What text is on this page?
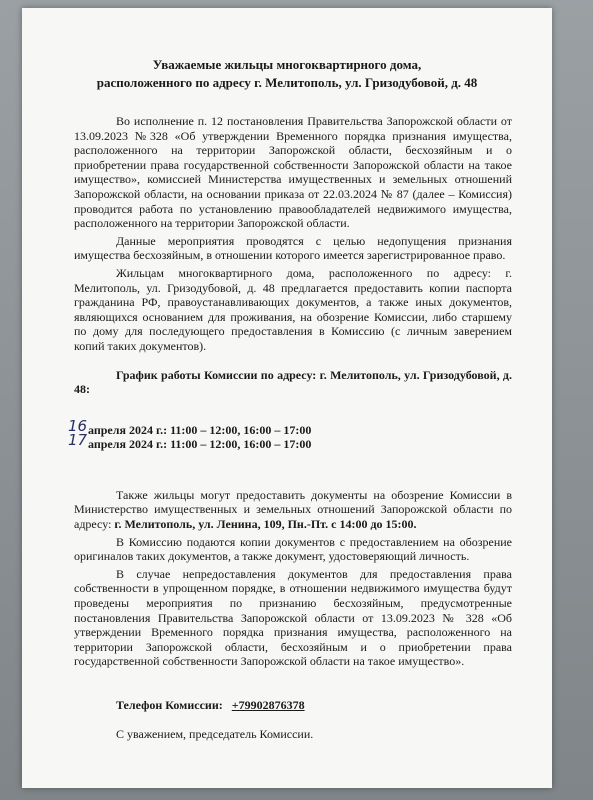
Уважаемые жильцы многоквартирного дома,
расположенного по адресу г. Мелитополь, ул. Гризодубовой, д. 48

Во исполнение п. 12 постановления Правительства Запорожской области от 13.09.2023 №328 «Об утверждении Временного порядка признания имущества, расположенного на территории Запорожской области, бесхозяйным и о приобретении права государственной собственности Запорожской области на такое имущество», комиссией Министерства имущественных и земельных отношений Запорожской области, на основании приказа от 22.03.2024 № 87 (далее – Комиссия) проводится работа по установлению правообладателей недвижимого имущества, расположенного на территории Запорожской области.

Данные мероприятия проводятся с целью недопущения признания имущества бесхозяйным, в отношении которого имеется зарегистрированное право.

Жильцам многоквартирного дома, расположенного по адресу: г. Мелитополь, ул. Гризодубовой, д. 48 предлагается предоставить копии паспорта гражданина РФ, правоустанавливающих документов, а также иных документов, являющихся основанием для проживания, на обозрение Комиссии, либо старшему по дому для последующего предоставления в Комиссию (с личным заверением копий таких документов).

График работы Комиссии по адресу: г. Мелитополь, ул. Гризодубовой, д. 48:

16 апреля 2024 г.: 11:00 – 12:00, 16:00 – 17:00

17 апреля 2024 г.: 11:00 – 12:00, 16:00 – 17:00

Также жильцы могут предоставить документы на обозрение Комиссии в Министерство имущественных и земельных отношений Запорожской области по адресу: г. Мелитополь, ул. Ленина, 109, Пн.-Пт. с 14:00 до 15:00.

В Комиссию подаются копии документов с предоставлением на обозрение оригиналов таких документов, а также документ, удостоверяющий личность.

В случае непредоставления документов для предоставления права собственности в упрощенном порядке, в отношении недвижимого имущества будут проведены мероприятия по признанию бесхозяйным, предусмотренные постановления Правительства Запорожской области от 13.09.2023 № 328 «Об утверждении Временного порядка признания имущества, расположенного на территории Запорожской области, бесхозяйным и о приобретении права государственной собственности Запорожской области на такое имущество».

Телефон Комиссии: +79902876378
С уважением, председатель Комиссии.
